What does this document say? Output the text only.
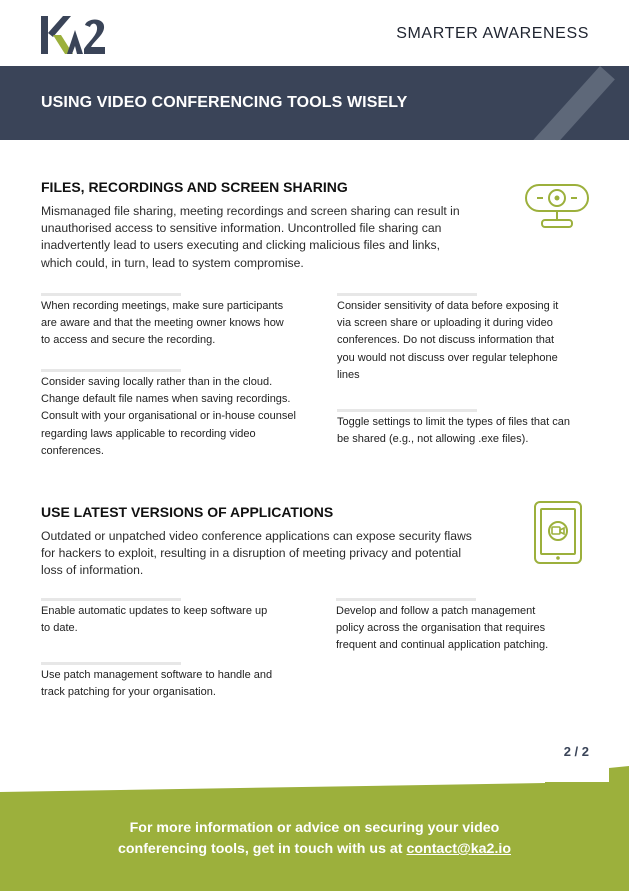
SMARTER AWARENESS
USING VIDEO CONFERENCING TOOLS WISELY
FILES, RECORDINGS AND SCREEN SHARING
Mismanaged file sharing, meeting recordings and screen sharing can result in
unauthorised access to sensitive information. Uncontrolled file sharing can
inadvertently lead to users executing and clicking malicious files and links,
which could, in turn, lead to system compromise.
When recording meetings, make sure participants
are aware and that the meeting owner knows how
to access and secure the recording.
Consider sensitivity of data before exposing it
via screen share or uploading it during video
conferences. Do not discuss information that
you would not discuss over regular telephone
lines
Consider saving locally rather than in the cloud.
Change default file names when saving recordings.
Consult with your organisational or in-house counsel
regarding laws applicable to recording video
conferences.
Toggle settings to limit the types of files that can
be shared (e.g., not allowing .exe files).
USE LATEST VERSIONS OF APPLICATIONS
Outdated or unpatched video conference applications can expose security flaws
for hackers to exploit, resulting in a disruption of meeting privacy and potential
loss of information.
Enable automatic updates to keep software up
to date.
Develop and follow a patch management
policy across the organisation that requires
frequent and continual application patching.
Use patch management software to handle and
track patching for your organisation.
2 / 2
For more information or advice on securing your video
conferencing tools, get in touch with us at contact@ka2.io
